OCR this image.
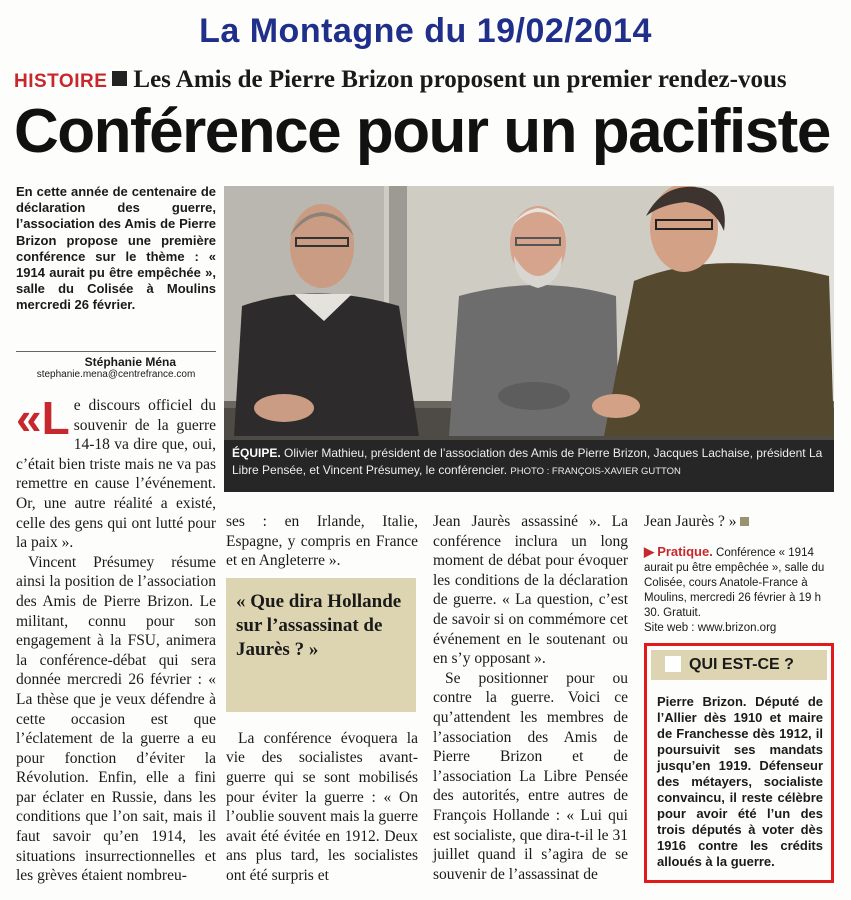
La Montagne du 19/02/2014
HISTOIRE Les Amis de Pierre Brizon proposent un premier rendez-vous
Conférence pour un pacifiste
En cette année de centenaire de déclaration des guerre, l’association des Amis de Pierre Brizon propose une première conférence sur le thème : « 1914 aurait pu être empêchée », salle du Colisée à Moulins mercredi 26 février.
Stéphanie Ména
stephanie.mena@centrefrance.com
ÉQUIPE. Olivier Mathieu, président de l’association des Amis de Pierre Brizon, Jacques Lachaise, président La Libre Pensée, et Vincent Présumey, le conférencier. PHOTO : FRANÇOIS-XAVIER GUTTON
«L e discours officiel du souvenir de la guerre 14-18 va dire que, oui, c’était bien triste mais ne va pas remettre en cause l’événement. Or, une autre réalité a existé, celle des gens qui ont lutté pour la paix ».

Vincent Présumey résume ainsi la position de l’association des Amis de Pierre Brizon. Le militant, connu pour son engagement à la FSU, animera la conférence-débat qui sera donnée mercredi 26 février : « La thèse que je veux défendre à cette occasion est que l’éclatement de la guerre a eu pour fonction d’éviter la Révolution. Enfin, elle a fini par éclater en Russie, dans les conditions que l’on sait, mais il faut savoir qu’en 1914, les situations insurrectionnelles et les grèves étaient nombreu-

ses : en Irlande, Italie, Espagne, y compris en France et en Angleterre ».

La conférence évoquera la vie des socialistes avant-guerre qui se sont mobilisés pour éviter la guerre : « On l’oublie souvent mais la guerre avait été évitée en 1912. Deux ans plus tard, les socialistes ont été surpris et

« Que dira Hollande sur l’assassinat de Jaurès ? »

Jean Jaurès assassiné ». La conférence inclura un long moment de débat pour évoquer les conditions de la déclaration de guerre. « La question, c’est de savoir si on commémore cet événement en le soutenant ou en s’y opposant ».

Se positionner pour ou contre la guerre. Voici ce qu’attendent les membres de l’association des Amis de Pierre Brizon et de l’association La Libre Pensée des autorités, entre autres de François Hollande : « Lui qui est socialiste, que dira-t-il le 31 juillet quand il s’agira de se souvenir de l’assassinat de

Jean Jaurès ? »

▶ Pratique. Conférence « 1914 aurait pu être empêchée », salle du Colisée, cours Anatole-France à Moulins, mercredi 26 février à 19 h 30. Gratuit.
Site web : www.brizon.org
QUI EST-CE ?
Pierre Brizon. Député de l’Allier dès 1910 et maire de Franchesse dès 1912, il poursuivit ses mandats jusqu’en 1919. Défenseur des métayers, socialiste convaincu, il reste célèbre pour avoir été l’un des trois députés à voter dès 1916 contre les crédits alloués à la guerre.
